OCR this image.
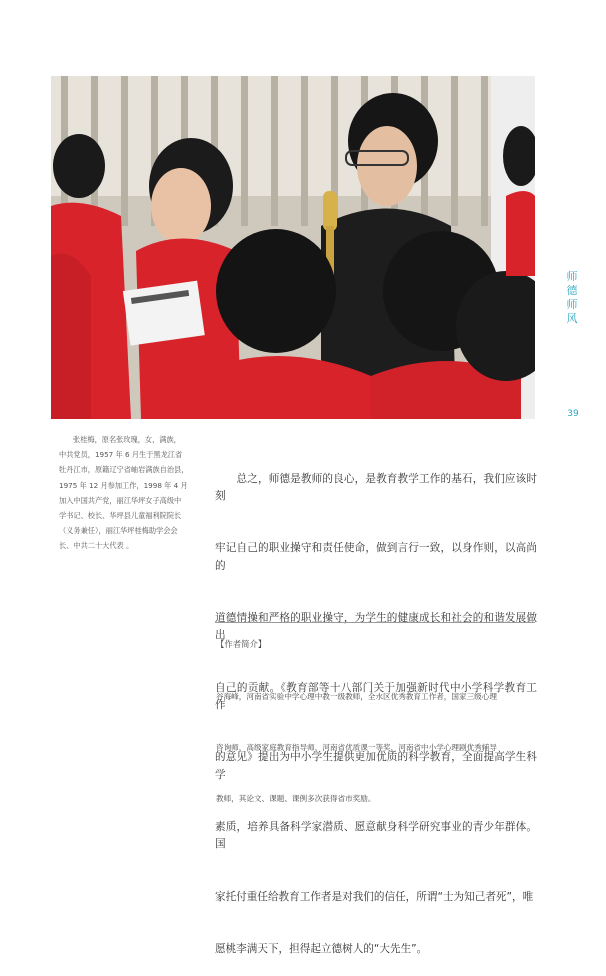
师
德
师
风
39
张桂梅，原名张玫瑰，女，满族，
中共党员，1957 年 6 月生于黑龙江省
牡丹江市，原籍辽宁省岫岩满族自治县，
1975 年 12 月参加工作，1998 年 4 月
加入中国共产党，丽江华坪女子高级中
学书记、校长、华坪县儿童福利院院长
（义务兼任），丽江华坪桂梅助学会会
长、中共二十大代表 。

　　总之，师德是教师的良心，是教育教学工作的基石，我们应该时刻

牢记自己的职业操守和责任使命，做到言行一致，以身作则，以高尚的

道德情操和严格的职业操守，为学生的健康成长和社会的和谐发展做出

自己的贡献。《教育部等十八部门关于加强新时代中小学科学教育工作

的意见》提出为中小学生提供更加优质的科学教育，全面提高学生科学

素质，培养具备科学家潜质、愿意献身科学研究事业的青少年群体。国

家托付重任给教育工作者是对我们的信任，所谓“士为知己者死”，唯

愿桃李满天下，担得起立德树人的“大先生”。

【作者简介】

谷海峰，河南省实验中学心理中教一级教师，全水区优秀教育工作者，国家三级心理

咨询师，高级家庭教育指导师，河南省优质课一等奖，河南省中小学心理剧优秀辅导

教师，其论文、课题、课例多次获得省市奖励。
